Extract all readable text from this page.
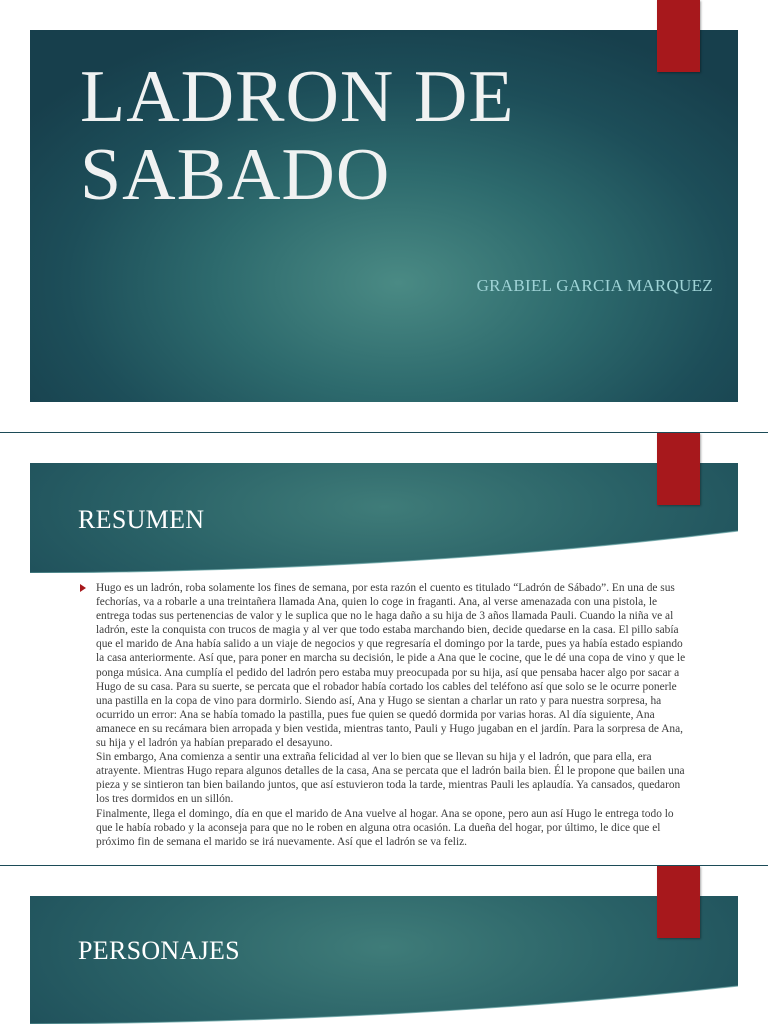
LADRON DE SABADO
GRABIEL GARCIA MARQUEZ
RESUMEN

Hugo es un ladrón, roba solamente los fines de semana, por esta razón el cuento es titulado “Ladrón de Sábado”. En una de sus fechorías, va a robarle a una treintañera llamada Ana, quien lo coge in fraganti. Ana, al verse amenazada con una pistola, le entrega todas sus pertenencias de valor y le suplica que no le haga daño a su hija de 3 años llamada Pauli. Cuando la niña ve al ladrón, este la conquista con trucos de magia y al ver que todo estaba marchando bien, decide quedarse en la casa. El pillo sabía que el marido de Ana había salido a un viaje de negocios y que regresaría el domingo por la tarde, pues ya había estado espiando la casa anteriormente. Así que, para poner en marcha su decisión, le pide a Ana que le cocine, que le dé una copa de vino y que le ponga música. Ana cumplía el pedido del ladrón pero estaba muy preocupada por su hija, así que pensaba hacer algo por sacar a Hugo de su casa. Para su suerte, se percata que el robador había cortado los cables del teléfono así que solo se le ocurre ponerle una pastilla en la copa de vino para dormirlo. Siendo así, Ana y Hugo se sientan a charlar un rato y para nuestra sorpresa, ha ocurrido un error: Ana se había tomado la pastilla, pues fue quien se quedó dormida por varias horas. Al día siguiente, Ana amanece en su recámara bien arropada y bien vestida, mientras tanto, Pauli y Hugo jugaban en el jardín. Para la sorpresa de Ana, su hija y el ladrón ya habían preparado el desayuno.

Sin embargo, Ana comienza a sentir una extraña felicidad al ver lo bien que se llevan su hija y el ladrón, que para ella, era atrayente. Mientras Hugo repara algunos detalles de la casa, Ana se percata que el ladrón baila bien. Él le propone que bailen una pieza y se sintieron tan bien bailando juntos, que así estuvieron toda la tarde, mientras Pauli les aplaudía. Ya cansados, quedaron los tres dormidos en un sillón.

Finalmente, llega el domingo, día en que el marido de Ana vuelve al hogar. Ana se opone, pero aun así Hugo le entrega todo lo que le había robado y la aconseja para que no le roben en alguna otra ocasión. La dueña del hogar, por último, le dice que el próximo fin de semana el marido se irá nuevamente. Así que el ladrón se va feliz.

PERSONAJES
